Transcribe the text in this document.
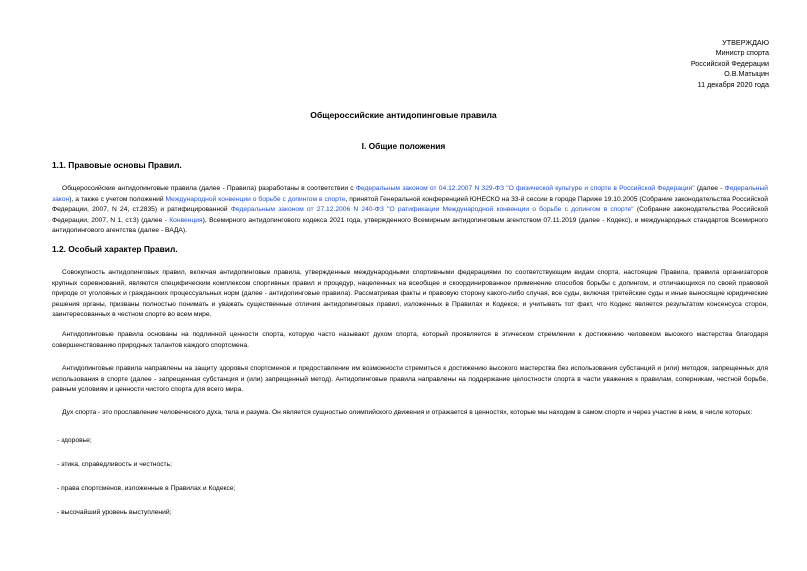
УТВЕРЖДАЮ
Министр спорта
Российской Федерации
О.В.Матыцин
11 декабря 2020 года
Общероссийские антидопинговые правила
I. Общие положения
1.1. Правовые основы Правил.

Общероссийские антидопинговые правила (далее - Правила) разработаны в соответствии с Федеральным законом от 04.12.2007 N 329-ФЗ "О физической культуре и спорте в Российской Федерации" (далее - Федеральный закон), а также с учетом положений Международной конвенции о борьбе с допингом в спорте, принятой Генеральной конференцией ЮНЕСКО на 33-й сессии в городе Париже 19.10.2005 (Собрание законодательства Российской Федерации, 2007, N 24, ст.2835) и ратифицированной Федеральным законом от 27.12.2006 N 240-ФЗ "О ратификации Международной конвенции о борьбе с допингом в спорте" (Собрание законодательства Российской Федерации, 2007, N 1, ст.3) (далее - Конвенция), Всемирного антидопингового кодекса 2021 года, утвержденного Всемирным антидопинговым агентством 07.11.2019 (далее - Кодекс), и международных стандартов Всемирного антидопингового агентства (далее - ВАДА).

1.2. Особый характер Правил.

Совокупность антидопинговых правил, включая антидопинговые правила, утвержденные международными спортивными федерациями по соответствующим видам спорта, настоящие Правила, правила организаторов крупных соревнований, являются специфическим комплексом спортивных правил и процедур, нацеленных на всеобщее и скоординированное применение способов борьбы с допингом, и отличающихся по своей правовой природе от уголовных и гражданских процессуальных норм (далее - антидопинговые правила). Рассматривая факты и правовую сторону какого-либо случая, все суды, включая третейские суды и иные выносящие юридические решения органы, призваны полностью понимать и уважать существенные отличия антидопинговых правил, изложенных в Правилах и Кодексе, и учитывать тот факт, что Кодекс является результатом консенсуса сторон, заинтересованных в честном спорте во всем мире.

Антидопинговые правила основаны на подлинной ценности спорта, которую часто называют духом спорта, который проявляется в этическом стремлении к достижению человеком высокого мастерства благодаря совершенствованию природных талантов каждого спортсмена.

Антидопинговые правила направлены на защиту здоровья спортсменов и предоставление им возможности стремиться к достижению высокого мастерства без использования субстанций и (или) методов, запрещенных для использования в спорте (далее - запрещенная субстанция и (или) запрещенный метод). Антидопинговые правила направлены на поддержание целостности спорта в части уважения к правилам, соперникам, честной борьбе, равным условиям и ценности чистого спорта для всего мира.

Дух спорта - это прославление человеческого духа, тела и разума. Он является сущностью олимпийского движения и отражается в ценностях, которые мы находим в самом спорте и через участие в нем, в числе которых:

- здоровье;
- этика, справедливость и честность;
- права спортсменов, изложенные в Правилах и Кодексе;
- высочайший уровень выступлений;
